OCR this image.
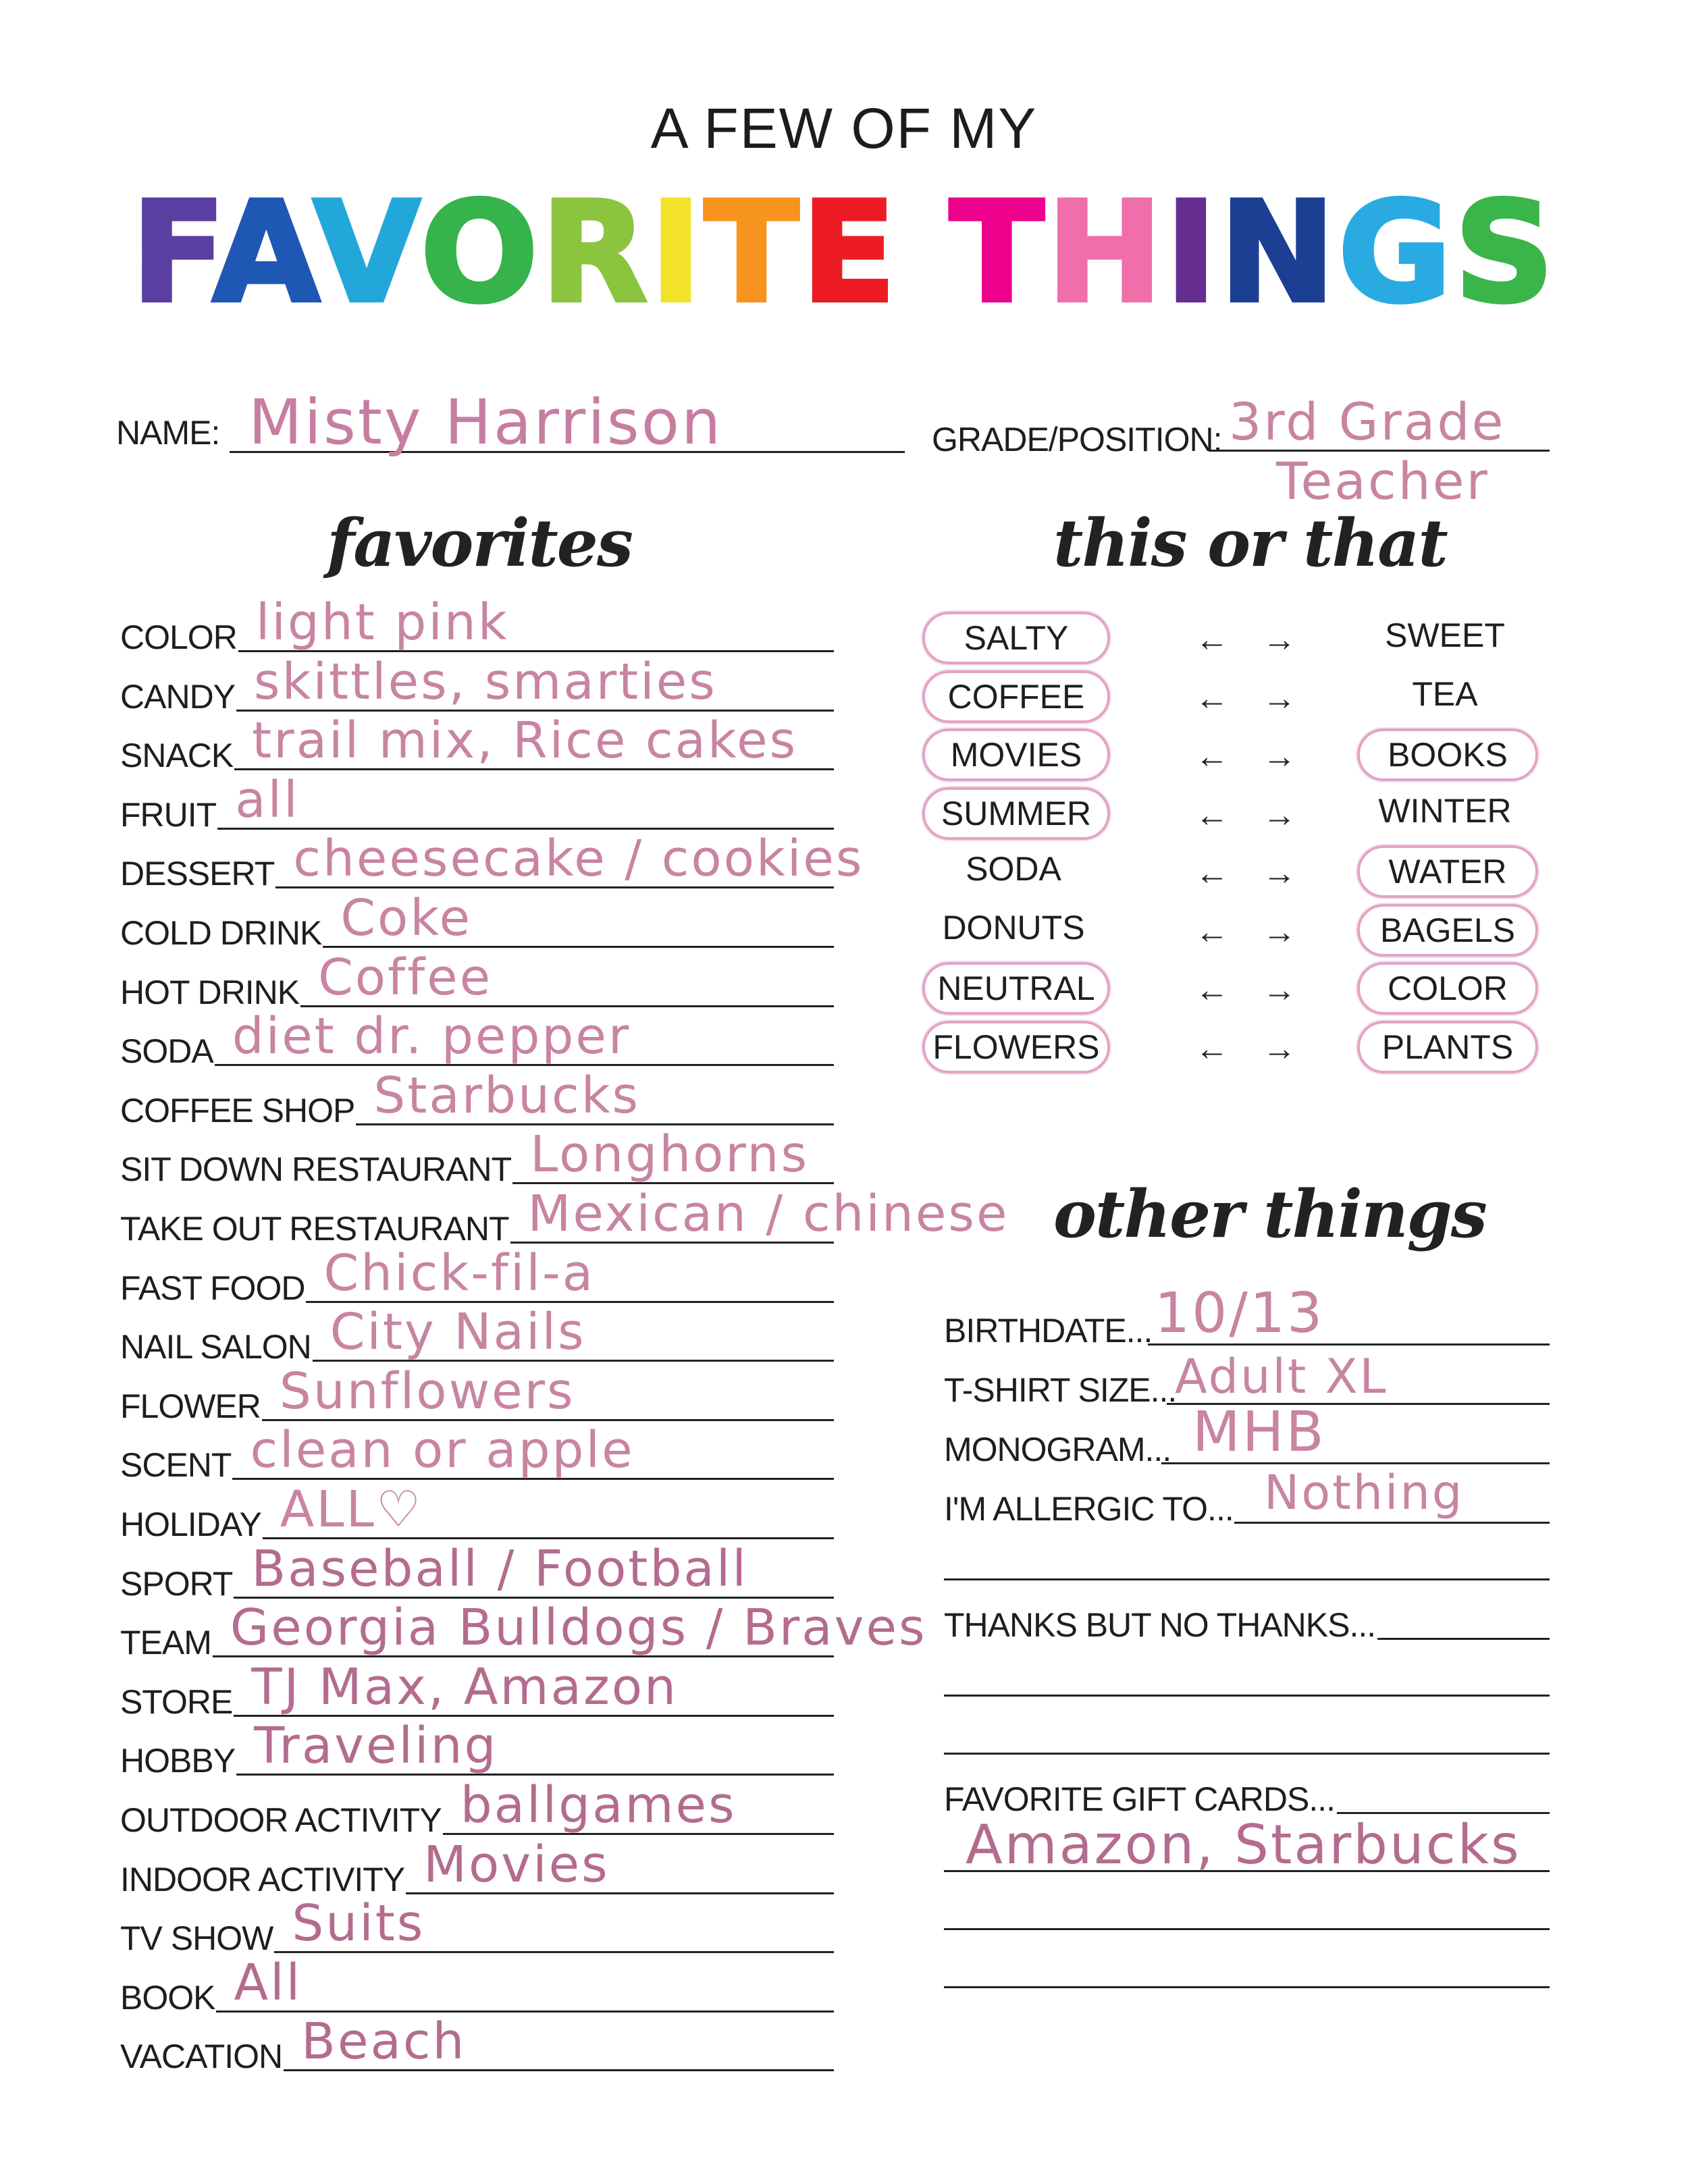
A FEW OF MY
FAVORITE THINGS
NAME: Misty Harrison	GRADE/POSITION: 3rd Grade
Teacher
favorites	this or that
other things
BIRTHDATE... 10/13
T-SHIRT SIZE...
Adult XL
MONOGRAM... MHB
I'M ALLERGIC TO... Nothing
THANKS BUT NO THANKS...
FAVORITE GIFT CARDS...
Amazon, Starbucks
COLOR light pink
CANDY skittles, smarties
SNACK trail mix, Rice cakes
FRUIT all
DESSERT cheesecake / cookies
COLD DRINK Coke
HOT DRINK Coffee
SODA diet dr. pepper
COFFEE SHOP Starbucks
SIT DOWN RESTAURANT Longhorns
TAKE OUT RESTAURANT Mexican / chinese
FAST FOOD Chick-fil-a
NAIL SALON City Nails
FLOWER Sunflowers
SCENT clean or apple
HOLIDAY ALL♡
SPORT Baseball / Football
TEAM Georgia Bulldogs / Braves
STORE TJ Max, Amazon
HOBBY Traveling
OUTDOOR ACTIVITY ballgames
INDOOR ACTIVITY Movies
TV SHOW Suits
BOOK All
VACATION Beach
SALTY	← →	SWEET
COFFEE	← →	TEA
MOVIES	← →	BOOKS
SUMMER	← →	WINTER
SODA	← →	WATER
DONUTS	← →	BAGELS
NEUTRAL	← →	COLOR
FLOWERS	← →	PLANTS
